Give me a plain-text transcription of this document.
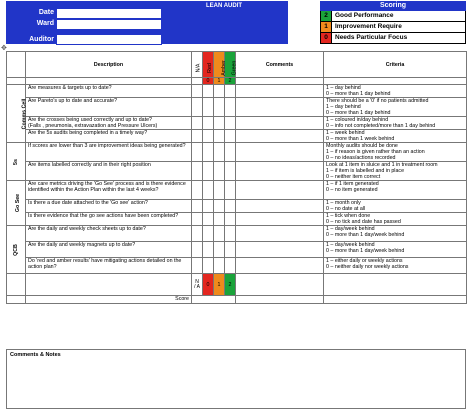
Date
Ward
Auditor
LEAN AUDIT	Scoring
2	Good Performance
1	Improvement Require
0	Needs Particular Focus
✥
	Description	N/A	Red	Amber	Green	Comments	Criteria
			0	1	2		
Comms Cell	Are measures & targets up to date?						1 – day behind
0 – more than 1 day behind
	Are Pareto's up to date and accurate?						There should be a '0' if no patients admitted
1 – day behind
0 – more than 1 day behind
	Are the crosses being used correctly and up to date?
(Falls , pneumonia, extravazation and Pressure Ulcers)						1 – coloured in/day behind
0 – info not completed/more than 1 day behind
	Are the 5s audits being completed in a timely way?						1 – week behind
0 – more than 1 week behind
5s	If scores are lower than 3 are improvement ideas being generated?						Monthly audits should be done
1 – if reason is given rather than an action
0 – no ideas/actions recorded
	Are items labelled correctly and in their right position						Look at 1 item in sluice and 1 in treatment room
1 – if item is labelled and in place
0 – neither item correct
Go See	Are care metrics driving the 'Go See' process and is there evidence identified within the Action Plan within the last 4 weeks?						1 – if 1 item generated
0 – no item generated
	Is there a due date attached to the 'Go see' action?						1 – month only
0 – no date at all
	Is there evidence that the go see actions have been completed?						1 – tick when done
0 – no tick and date has passed
QCB	Are the daily and weekly check sheets up to date?						1 – day/week behind
0 – more than 1 day/week behind
	Are the daily and weekly magnets up to date?						1 – day/week behind
0 – more than 1 day/week behind
	Do 'red and amber results' have mitigating actions detailed on the action plan?						1 – either daily or weekly actions
0 – neither daily nor weekly actions
		N / A	0	1	2		
	Score						
Comments & Notes
